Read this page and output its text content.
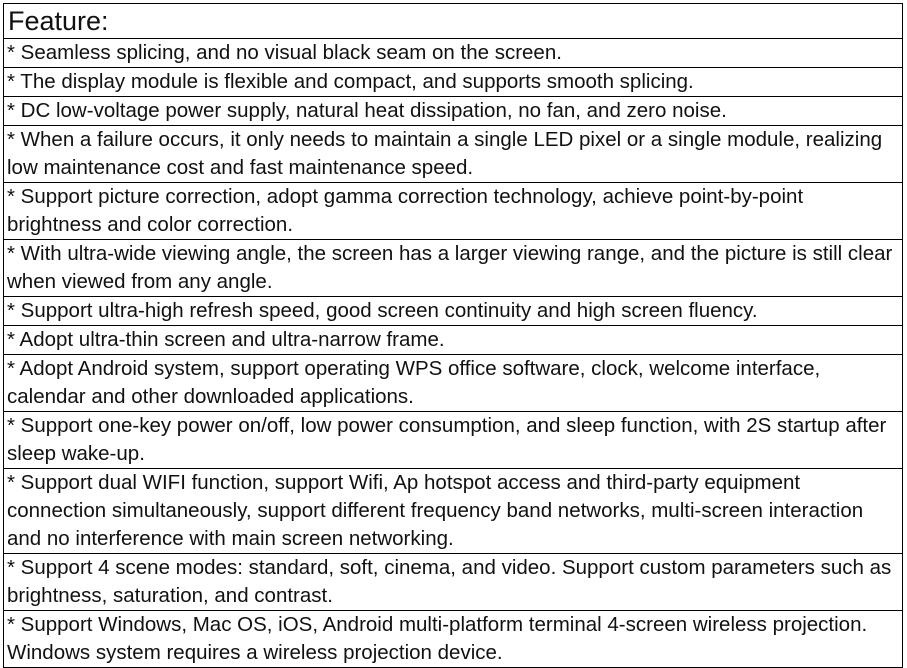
Feature:
* Seamless splicing, and no visual black seam on the screen.
* The display module is flexible and compact, and supports smooth splicing.
* DC low-voltage power supply, natural heat dissipation, no fan, and zero noise.
* When a failure occurs, it only needs to maintain a single LED pixel or a single module, realizing low maintenance cost and fast maintenance speed.
* Support picture correction, adopt gamma correction technology, achieve point-by-point brightness and color correction.
* With ultra-wide viewing angle, the screen has a larger viewing range, and the picture is still clear when viewed from any angle.
* Support ultra-high refresh speed, good screen continuity and high screen fluency.
* Adopt ultra-thin screen and ultra-narrow frame.
* Adopt Android system, support operating WPS office software, clock, welcome interface, calendar and other downloaded applications.
* Support one-key power on/off, low power consumption, and sleep function, with 2S startup after sleep wake-up.
* Support dual WIFI function, support Wifi, Ap hotspot access and third-party equipment connection simultaneously, support different frequency band networks, multi-screen interaction and no interference with main screen networking.
* Support 4 scene modes: standard, soft, cinema, and video. Support custom parameters such as brightness, saturation, and contrast.
* Support Windows, Mac OS, iOS, Android multi-platform terminal 4-screen wireless projection. Windows system requires a wireless projection device.
